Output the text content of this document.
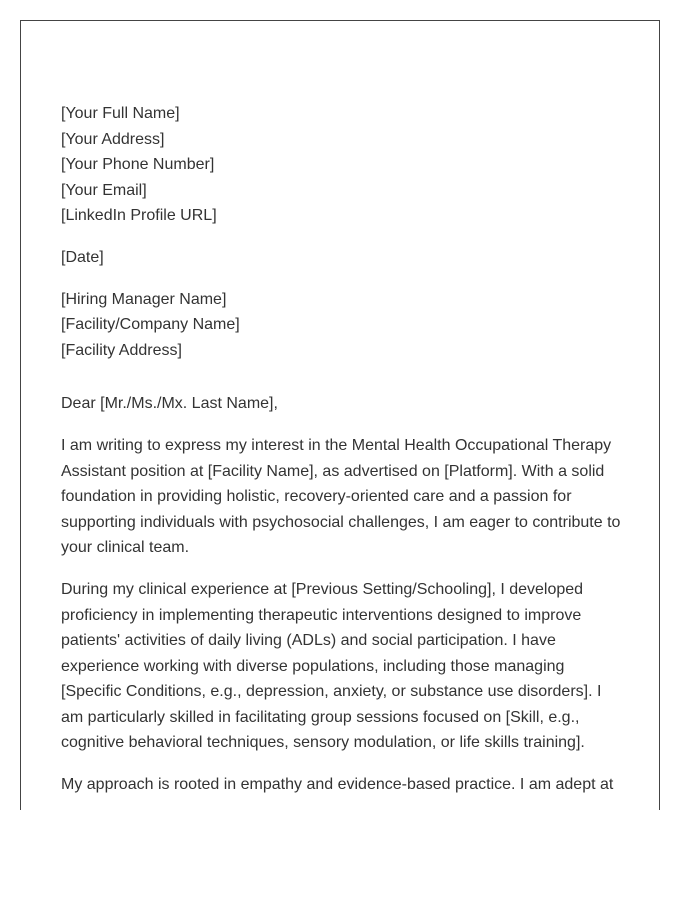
[Your Full Name]
[Your Address]
[Your Phone Number]
[Your Email]
[LinkedIn Profile URL]
[Date]
[Hiring Manager Name]
[Facility/Company Name]
[Facility Address]

Dear [Mr./Ms./Mx. Last Name],

I am writing to express my interest in the Mental Health Occupational Therapy Assistant position at [Facility Name], as advertised on [Platform]. With a solid foundation in providing holistic, recovery-oriented care and a passion for supporting individuals with psychosocial challenges, I am eager to contribute to your clinical team.

During my clinical experience at [Previous Setting/Schooling], I developed proficiency in implementing therapeutic interventions designed to improve patients' activities of daily living (ADLs) and social participation. I have experience working with diverse populations, including those managing [Specific Conditions, e.g., depression, anxiety, or substance use disorders]. I am particularly skilled in facilitating group sessions focused on [Skill, e.g., cognitive behavioral techniques, sensory modulation, or life skills training].

My approach is rooted in empathy and evidence-based practice. I am adept at
